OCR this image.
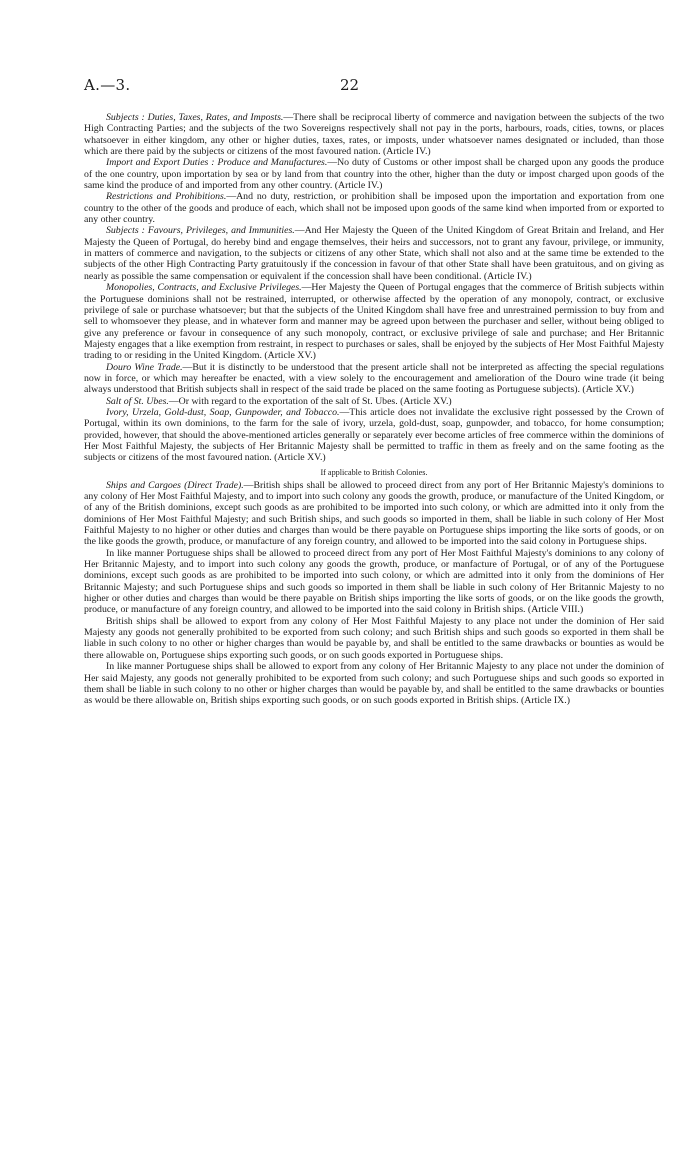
A.—3.	22

Subjects : Duties, Taxes, Rates, and Imposts.—There shall be reciprocal liberty of commerce and navigation between the subjects of the two High Contracting Parties; and the subjects of the two Sovereigns respectively shall not pay in the ports, harbours, roads, cities, towns, or places whatsoever in either kingdom, any other or higher duties, taxes, rates, or imposts, under whatsoever names designated or included, than those which are there paid by the subjects or citizens of the most favoured nation. (Article IV.)

Import and Export Duties : Produce and Manufactures.—No duty of Customs or other impost shall be charged upon any goods the produce of the one country, upon importation by sea or by land from that country into the other, higher than the duty or impost charged upon goods of the same kind the produce of and imported from any other country. (Article IV.)

Restrictions and Prohibitions.—And no duty, restriction, or prohibition shall be imposed upon the importation and exportation from one country to the other of the goods and produce of each, which shall not be imposed upon goods of the same kind when imported from or exported to any other country.

Subjects : Favours, Privileges, and Immunities.—And Her Majesty the Queen of the United Kingdom of Great Britain and Ireland, and Her Majesty the Queen of Portugal, do hereby bind and engage themselves, their heirs and successors, not to grant any favour, privilege, or immunity, in matters of commerce and navigation, to the subjects or citizens of any other State, which shall not also and at the same time be extended to the subjects of the other High Contracting Party gratuitously if the concession in favour of that other State shall have been gratuitous, and on giving as nearly as possible the same compensation or equivalent if the concession shall have been conditional. (Article IV.)

Monopolies, Contracts, and Exclusive Privileges.—Her Majesty the Queen of Portugal engages that the commerce of British subjects within the Portuguese dominions shall not be restrained, interrupted, or otherwise affected by the operation of any monopoly, contract, or exclusive privilege of sale or purchase whatsoever; but that the subjects of the United Kingdom shall have free and unrestrained permission to buy from and sell to whomsoever they please, and in whatever form and manner may be agreed upon between the purchaser and seller, without being obliged to give any preference or favour in consequence of any such monopoly, contract, or exclusive privilege of sale and purchase; and Her Britannic Majesty engages that a like exemption from restraint, in respect to purchases or sales, shall be enjoyed by the subjects of Her Most Faithful Majesty trading to or residing in the United Kingdom. (Article XV.)

Douro Wine Trade.—But it is distinctly to be understood that the present article shall not be interpreted as affecting the special regulations now in force, or which may hereafter be enacted, with a view solely to the encouragement and amelioration of the Douro wine trade (it being always understood that British subjects shall in respect of the said trade be placed on the same footing as Portuguese subjects). (Article XV.)

Salt of St. Ubes.—Or with regard to the exportation of the salt of St. Ubes. (Article XV.)

Ivory, Urzela, Gold-dust, Soap, Gunpowder, and Tobacco.—This article does not invalidate the exclusive right possessed by the Crown of Portugal, within its own dominions, to the farm for the sale of ivory, urzela, gold-dust, soap, gunpowder, and tobacco, for home consumption; provided, however, that should the above-mentioned articles generally or separately ever become articles of free commerce within the dominions of Her Most Faithful Majesty, the subjects of Her Britannic Majesty shall be permitted to traffic in them as freely and on the same footing as the subjects or citizens of the most favoured nation. (Article XV.)

If applicable to British Colonies.

Ships and Cargoes (Direct Trade).—British ships shall be allowed to proceed direct from any port of Her Britannic Majesty's dominions to any colony of Her Most Faithful Majesty, and to import into such colony any goods the growth, produce, or manufacture of the United Kingdom, or of any of the British dominions, except such goods as are prohibited to be imported into such colony, or which are admitted into it only from the dominions of Her Most Faithful Majesty; and such British ships, and such goods so imported in them, shall be liable in such colony of Her Most Faithful Majesty to no higher or other duties and charges than would be there payable on Portuguese ships importing the like sorts of goods, or on the like goods the growth, produce, or manufacture of any foreign country, and allowed to be imported into the said colony in Portuguese ships.

In like manner Portuguese ships shall be allowed to proceed direct from any port of Her Most Faithful Majesty's dominions to any colony of Her Britannic Majesty, and to import into such colony any goods the growth, produce, or manfacture of Portugal, or of any of the Portuguese dominions, except such goods as are prohibited to be imported into such colony, or which are admitted into it only from the dominions of Her Britannic Majesty; and such Portuguese ships and such goods so imported in them shall be liable in such colony of Her Britannic Majesty to no higher or other duties and charges than would be there payable on British ships importing the like sorts of goods, or on the like goods the growth, produce, or manufacture of any foreign country, and allowed to be imported into the said colony in British ships. (Article VIII.)

British ships shall be allowed to export from any colony of Her Most Faithful Majesty to any place not under the dominion of Her said Majesty any goods not generally prohibited to be exported from such colony; and such British ships and such goods so exported in them shall be liable in such colony to no other or higher charges than would be payable by, and shall be entitled to the same drawbacks or bounties as would be there allowable on, Portuguese ships exporting such goods, or on such goods exported in Portuguese ships.

In like manner Portuguese ships shall be allowed to export from any colony of Her Britannic Majesty to any place not under the dominion of Her said Majesty, any goods not generally prohibited to be exported from such colony; and such Portuguese ships and such goods so exported in them shall be liable in such colony to no other or higher charges than would be payable by, and shall be entitled to the same drawbacks or bounties as would be there allowable on, British ships exporting such goods, or on such goods exported in British ships. (Article IX.)
